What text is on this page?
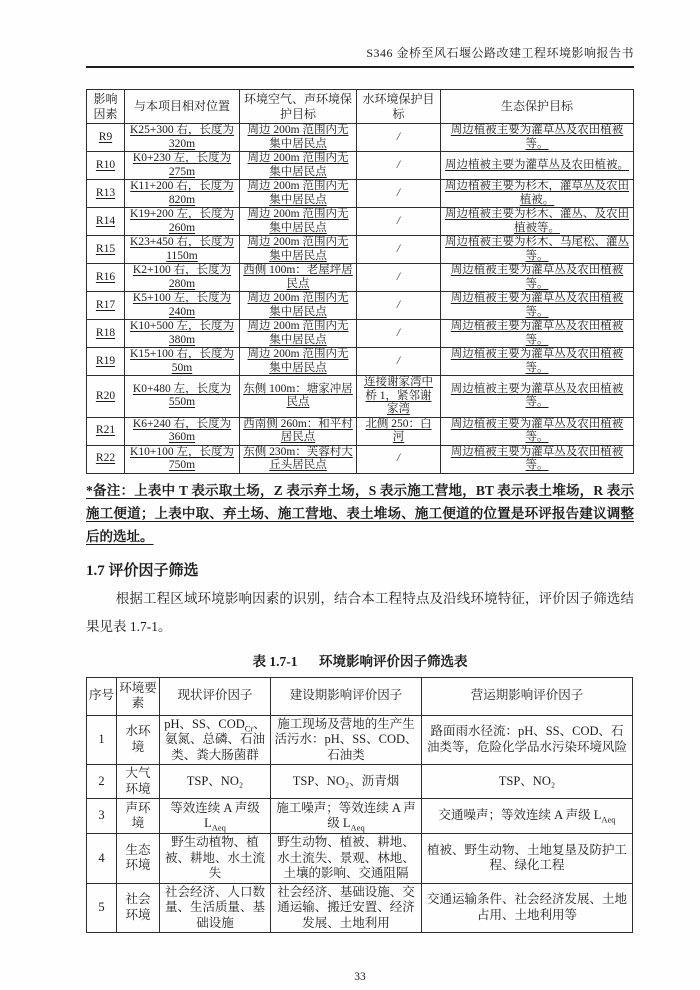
S346 金桥至风石堰公路改建工程环境影响报告书
影响因素	与本项目相对位置	环境空气、声环境保护目标	水环境保护目标	生态保护目标
R9	K25+300 右，长度为 320m	周边 200m 范围内无集中居民点	/	周边植被主要为灌草丛及农田植被等。
R10	K0+230 左，长度为 275m	周边 200m 范围内无集中居民点	/	周边植被主要为灌草丛及农田植被。
R13	K11+200 右，长度为 820m	周边 200m 范围内无集中居民点	/	周边植被主要为杉木，灌草丛及农田植被。
R14	K19+200 左，长度为 260m	周边 200m 范围内无集中居民点	/	周边植被主要为杉木、灌丛、及农田植被等。
R15	K23+450 右，长度为 1150m	周边 200m 范围内无集中居民点	/	周边植被主要为杉木、马尾松、灌丛等。
R16	K2+100 右，长度为 280m	西侧 100m：老屋坪居民点	/	周边植被主要为灌草丛及农田植被等。
R17	K5+100 左，长度为 240m	周边 200m 范围内无集中居民点	/	周边植被主要为灌草丛及农田植被等。
R18	K10+500 左，长度为 380m	周边 200m 范围内无集中居民点	/	周边植被主要为灌草丛及农田植被等。
R19	K15+100 右，长度为 50m	周边 200m 范围内无集中居民点	/	周边植被主要为灌草丛及农田植被等。
R20	K0+480 左，长度为 550m	东侧 100m：塘家冲居民点	连接谢家湾中桥 1，紧邻谢家湾	周边植被主要为灌草丛及农田植被等。
R21	K6+240 右，长度为 360m	西南侧 260m：和平村居民点	北侧 250：白河	周边植被主要为灌草丛及农田植被等。
R22	K10+100 左，长度为 750m	东侧 230m：芙蓉村大丘头居民点	/	周边植被主要为灌草丛及农田植被等。

*备注：上表中 T 表示取土场，Z 表示弃土场，S 表示施工营地，BT 表示表土堆场，R 表示施工便道；上表中取、弃土场、施工营地、表土堆场、施工便道的位置是环评报告建议调整后的选址。

1.7 评价因子筛选

根据工程区域环境影响因素的识别，结合本工程特点及沿线环境特征，评价因子筛选结果见表 1.7-1。

表 1.7-1 环境影响评价因子筛选表
序号	环境要素	现状评价因子	建设期影响评价因子	营运期影响评价因子
1	水环境	pH、SS、$COD_{Cr}$、氨氮、总磷、石油类、粪大肠菌群	施工现场及营地的生产生活污水：pH、SS、COD、石油类	路面雨水径流：pH、SS、COD、石油类等，危险化学品水污染环境风险
2	大气环境	TSP、NO₂	TSP、NO₂、沥青烟	TSP、NO₂
3	声环境	等效连续 A 声级 $L_{Aeq}$	施工噪声；等效连续 A 声级 $L_{Aeq}$	交通噪声；等效连续 A 声级 $L_{Aeq}$
4	生态环境	野生动植物、植被、耕地、水土流失	野生动物、植被、耕地、水土流失、景观、林地、土壤的影响、交通阻隔	植被、野生动物、土地复垦及防护工程、绿化工程
5	社会环境	社会经济、人口数量、生活质量、基础设施	社会经济、基础设施、交通运输、搬迁安置、经济发展、土地利用	交通运输条件、社会经济发展、土地占用、土地利用等
33
